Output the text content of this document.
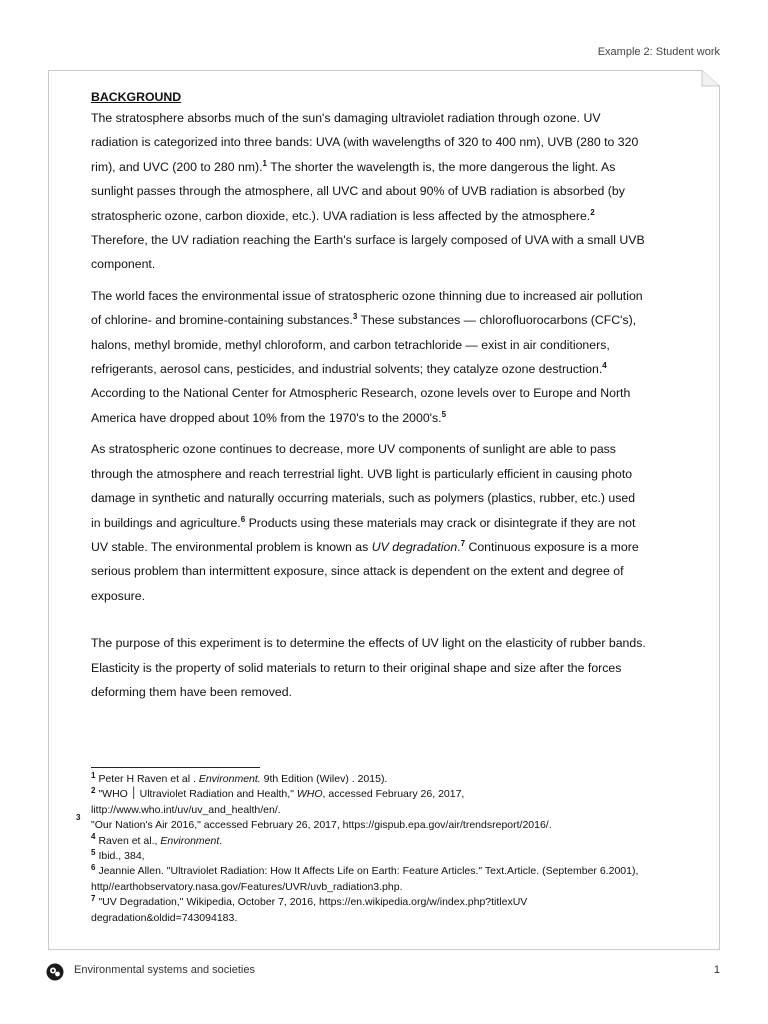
Example 2: Student work

BACKGROUND

The stratosphere absorbs much of the sun's damaging ultraviolet radiation through ozone. UV radiation is categorized into three bands: UVA (with wavelengths of 320 to 400 nm), UVB (280 to 320 rim), and UVC (200 to 280 nm).$^1$ The shorter the wavelength is, the more dangerous the light. As sunlight passes through the atmosphere, all UVC and about 90% of UVB radiation is absorbed (by stratospheric ozone, carbon dioxide, etc.). UVA radiation is less affected by the atmosphere.$^2$ Therefore, the UV radiation reaching the Earth's surface is largely composed of UVA with a small UVB component.

The world faces the environmental issue of stratospheric ozone thinning due to increased air pollution of chlorine- and bromine-containing substances.$^3$ These substances — chlorofluorocarbons (CFC's), halons, methyl bromide, methyl chloroform, and carbon tetrachloride — exist in air conditioners, refrigerants, aerosol cans, pesticides, and industrial solvents; they catalyze ozone destruction.$^4$ According to the National Center for Atmospheric Research, ozone levels over to Europe and North America have dropped about 10% from the 1970's to the 2000's.$^5$

As stratospheric ozone continues to decrease, more UV components of sunlight are able to pass through the atmosphere and reach terrestrial light. UVB light is particularly efficient in causing photo damage in synthetic and naturally occurring materials, such as polymers (plastics, rubber, etc.) used in buildings and agriculture.$^6$ Products using these materials may crack or disintegrate if they are not UV stable. The environmental problem is known as UV degradation.$^7$ Continuous exposure is a more serious problem than intermittent exposure, since attack is dependent on the extent and degree of exposure.

The purpose of this experiment is to determine the effects of UV light on the elasticity of rubber bands. Elasticity is the property of solid materials to return to their original shape and size after the forces deforming them have been removed.

$^1$ Peter H Raven et al . Environment. 9th Edition (Wilev) . 2015).
$^2$ "WHO ׀ Ultraviolet Radiation and Health," WHO, accessed February 26, 2017, littp://www.who.int/uv/uv_and_health/en/.
"Our Nation's Air 2016," accessed February 26, 2017, https://gispub.epa.gov/air/trendsreport/2016/.
$^4$ Raven et al., Environment.
$^5$ Ibid., 384,
$^6$ Jeannie Allen. "Ultraviolet Radiation: How It Affects Life on Earth: Feature Articles." Text.Article. (September 6.2001), http//earthobservatory.nasa.gov/Features/UVR/uvb_radiation3.php.
$^7$ "UV Degradation," Wikipedia, October 7, 2016, https://en.wikipedia.org/w/index.php?titlexUV degradation&oldid=743094183.
Environmental systems and societies	1
